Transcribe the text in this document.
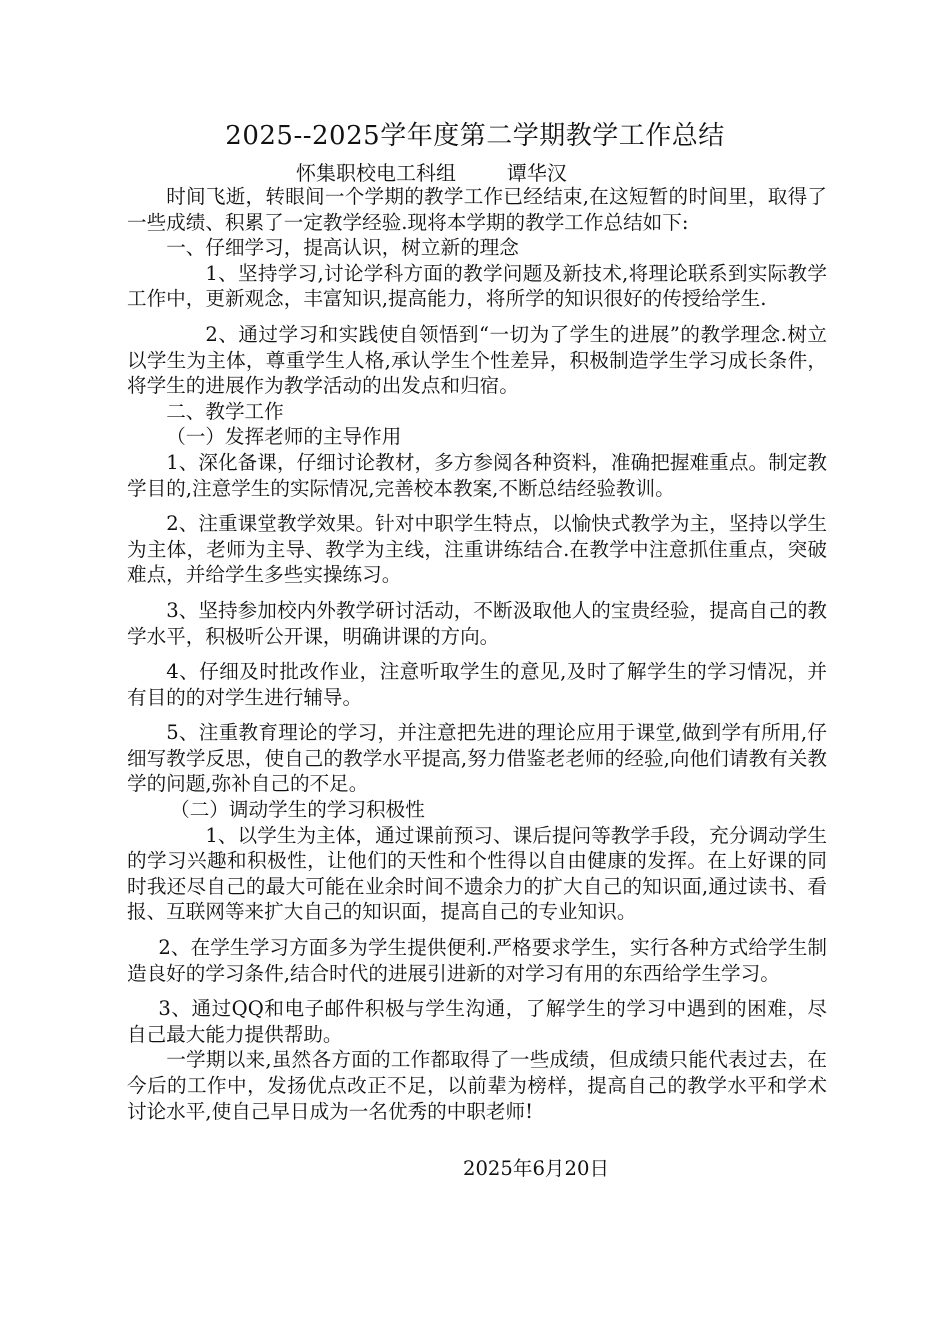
2025--2025学年度第二学期教学工作总结
怀集职校电工科组        谭华汉

时间飞逝，转眼间一个学期的教学工作已经结束,在这短暂的时间里，取得了一些成绩、积累了一定教学经验.现将本学期的教学工作总结如下:

一、仔细学习，提高认识，树立新的理念

1、坚持学习,讨论学科方面的教学问题及新技术,将理论联系到实际教学工作中，更新观念，丰富知识,提高能力，将所学的知识很好的传授给学生.

2、通过学习和实践使自领悟到“一切为了学生的进展”的教学理念.树立以学生为主体，尊重学生人格,承认学生个性差异，积极制造学生学习成长条件，将学生的进展作为教学活动的出发点和归宿。

二、教学工作

（一）发挥老师的主导作用

1、深化备课，仔细讨论教材，多方参阅各种资料，准确把握难重点。制定教学目的,注意学生的实际情况,完善校本教案,不断总结经验教训。

2、注重课堂教学效果。针对中职学生特点，以愉快式教学为主，坚持以学生为主体，老师为主导、教学为主线，注重讲练结合.在教学中注意抓住重点，突破难点，并给学生多些实操练习。

3、坚持参加校内外教学研讨活动，不断汲取他人的宝贵经验，提高自己的教学水平，积极听公开课，明确讲课的方向。

4、仔细及时批改作业，注意听取学生的意见,及时了解学生的学习情况，并有目的的对学生进行辅导。

5、注重教育理论的学习，并注意把先进的理论应用于课堂,做到学有所用,仔细写教学反思，使自己的教学水平提高,努力借鉴老老师的经验,向他们请教有关教学的问题,弥补自己的不足。

（二）调动学生的学习积极性

1、以学生为主体，通过课前预习、课后提问等教学手段，充分调动学生的学习兴趣和积极性，让他们的天性和个性得以自由健康的发挥。在上好课的同时我还尽自己的最大可能在业余时间不遗余力的扩大自己的知识面,通过读书、看报、互联网等来扩大自己的知识面，提高自己的专业知识。

2、在学生学习方面多为学生提供便利.严格要求学生，实行各种方式给学生制造良好的学习条件,结合时代的进展引进新的对学习有用的东西给学生学习。

3、通过QQ和电子邮件积极与学生沟通，了解学生的学习中遇到的困难，尽自己最大能力提供帮助。

一学期以来,虽然各方面的工作都取得了一些成绩，但成绩只能代表过去，在今后的工作中，发扬优点改正不足，以前辈为榜样，提高自己的教学水平和学术讨论水平,使自己早日成为一名优秀的中职老师!

2025年6月20日
